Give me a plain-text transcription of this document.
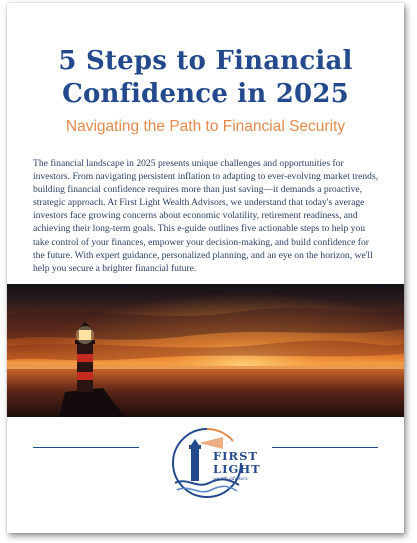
5 Steps to Financial
Confidence in 2025
Navigating the Path to Financial Security
The financial landscape in 2025 presents unique challenges and opportunities for investors. From navigating persistent inflation to adapting to ever-evolving market trends, building financial confidence requires more than just saving—it demands a proactive, strategic approach. At First Light Wealth Advisors, we understand that today's average investors face growing concerns about economic volatility, retirement readiness, and achieving their long-term goals. This e-guide outlines five actionable steps to help you take control of your finances, empower your decision-making, and build confidence for the future. With expert guidance, personalized planning, and an eye on the horizon, we'll help you secure a brighter financial future.
FIRST
LIGHT
wealth advisors
